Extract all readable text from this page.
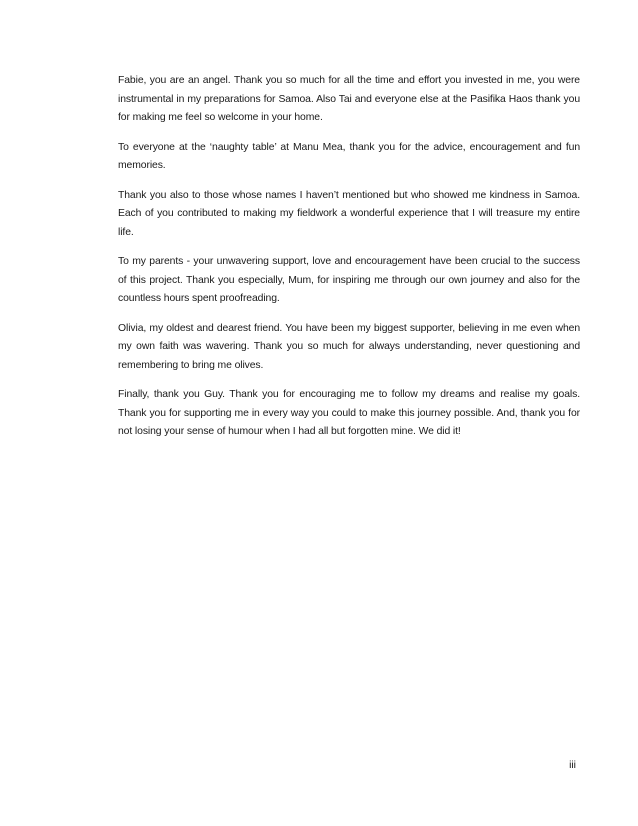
Fabie, you are an angel. Thank you so much for all the time and effort you invested in me, you were instrumental in my preparations for Samoa. Also Tai and everyone else at the Pasifika Haos thank you for making me feel so welcome in your home.

To everyone at the ‘naughty table’ at Manu Mea, thank you for the advice, encouragement and fun memories.

Thank you also to those whose names I haven’t mentioned but who showed me kindness in Samoa. Each of you contributed to making my fieldwork a wonderful experience that I will treasure my entire life.

To my parents - your unwavering support, love and encouragement have been crucial to the success of this project. Thank you especially, Mum, for inspiring me through our own journey and also for the countless hours spent proofreading.

Olivia, my oldest and dearest friend. You have been my biggest supporter, believing in me even when my own faith was wavering. Thank you so much for always understanding, never questioning and remembering to bring me olives.

Finally, thank you Guy. Thank you for encouraging me to follow my dreams and realise my goals. Thank you for supporting me in every way you could to make this journey possible. And, thank you for not losing your sense of humour when I had all but forgotten mine. We did it!

iii
